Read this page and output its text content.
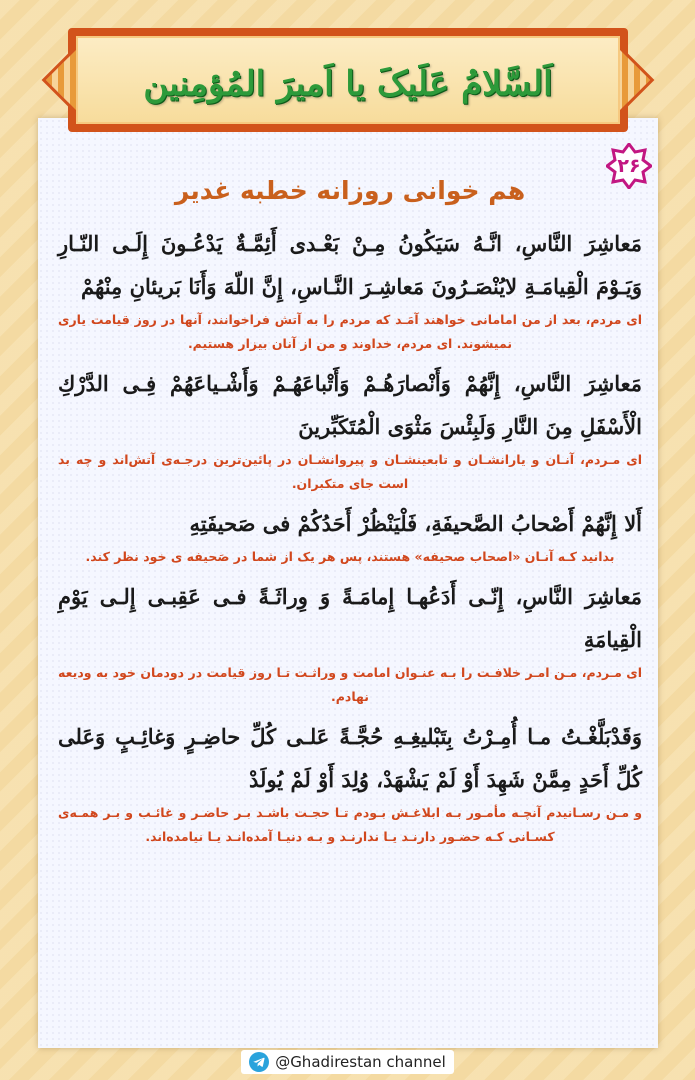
اَلسَّلامُ عَلَیکَ یا اَمیرَ المُؤمِنین
۲۶
هم خوانی روزانه خطبه غدیر

مَعاشِرَ النَّاسِ، انَّـهُ سَیَكُونُ مِـنْ بَعْـدی أَئِمَّـةٌ یَدْعُـونَ إِلَـی النّـارِ وَیَـوْمَ الْقِیامَـةِ لایُنْصَـرُونَ مَعاشِـرَ النَّـاسِ، إِنَّ اللّهَ وَأَنَا بَریئانِ مِنْهُمْ

ای مردم، بعد از من امامانی خواهند آمَـد که مردم را به آتش فراخوانند، آنها در روز قیامت یاری نمیشوند. ای مردم، خداوند و من از آنان بیزار هستیم.

مَعاشِرَ النَّاسِ، إِنَّهُمْ وَأَنْصارَهُـمْ وَأَتْباعَهُـمْ وَأَشْـیاعَهُمْ فِـی الدَّرْكِ الْأَسْفَلِ مِنَ النَّارِ وَلَبِئْسَ مَثْوَی الْمُتَكَبِّرینَ

ای مـردم، آنـان و یارانشـان و تابعینشـان و پیروانشـان در پائین‌ترین درجـه‌ی آتش‌اند و چه بد است جای متکبران.

أَلا إِنَّهُمْ أَصْحابُ الصَّحیفَةِ، فَلْیَنْظُرْ أَحَدُكُمْ فی صَحیفَتِهِ

بدانید کـه آنـان «اصحاب صحیفه» هستند، پس هر یک از شما در صَحیفه ی خود نظر کند.

مَعاشِرَ النَّاسِ، إِنّـی أَدَعُهـا إِمامَـةً وَ وِراثَـةً فـی عَقِبـی إِلـی یَوْمِ الْقِیامَةِ

ای مـردم، مـن امـر خلافـت را بـه عنـوان امامت و وراثـت تـا روز قیامت در دودمان خود به ودیعه نهادم.

وَقَدْبَلَّغْـتُ مـا أُمِـرْتُ بِتَبْلیغِـهِ حُجَّـةً عَلـی كُلِّ حاضِـرٍ وَغائِـبٍ وَعَلی كُلِّ أَحَدٍ مِمَّنْ شَهِدَ أَوْ لَمْ یَشْهَدْ، وُلِدَ أَوْ لَمْ یُولَدْ

و مـن رسـانیدم آنچـه مأمـور بـه ابلاغـش بـودم تـا حجـت باشـد بـر حاضـر و غائـب و بـر همـه‌ی کسـانی کـه حضـور دارنـد یـا ندارنـد و بـه دنیـا آمده‌انـد یـا نیامده‌اند.

@Ghadirestan channel
